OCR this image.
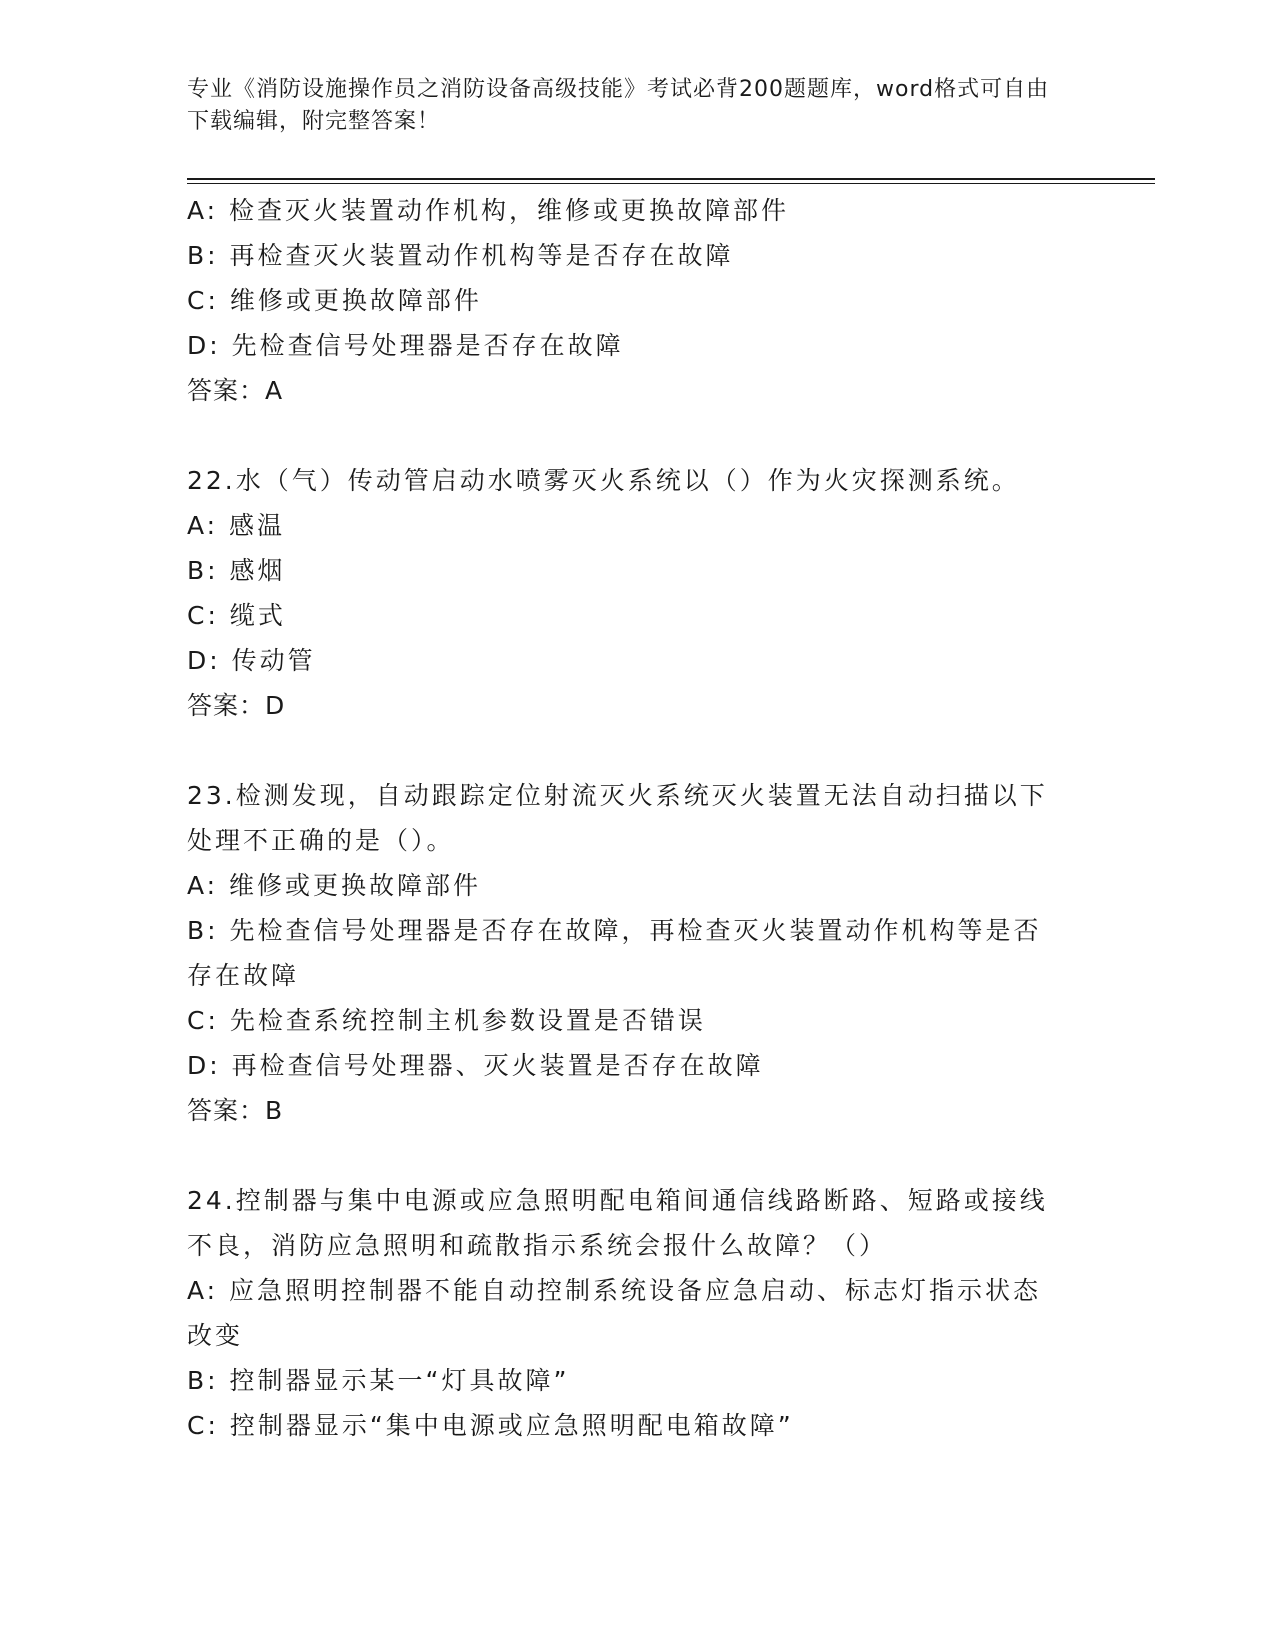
专业《消防设施操作员之消防设备高级技能》考试必背200题题库，word格式可自由下载编辑，附完整答案！

A: 检查灭火装置动作机构，维修或更换故障部件

B: 再检查灭火装置动作机构等是否存在故障

C: 维修或更换故障部件

D: 先检查信号处理器是否存在故障

答案：A

22.水（气）传动管启动水喷雾灭火系统以（）作为火灾探测系统。

A: 感温

B: 感烟

C: 缆式

D: 传动管

答案：D

23.检测发现，自动跟踪定位射流灭火系统灭火装置无法自动扫描以下处理不正确的是（）。

A: 维修或更换故障部件

B: 先检查信号处理器是否存在故障，再检查灭火装置动作机构等是否存在故障

C: 先检查系统控制主机参数设置是否错误

D: 再检查信号处理器、灭火装置是否存在故障

答案：B

24.控制器与集中电源或应急照明配电箱间通信线路断路、短路或接线不良，消防应急照明和疏散指示系统会报什么故障？（）

A: 应急照明控制器不能自动控制系统设备应急启动、标志灯指示状态改变

B: 控制器显示某一“灯具故障”

C: 控制器显示“集中电源或应急照明配电箱故障”
